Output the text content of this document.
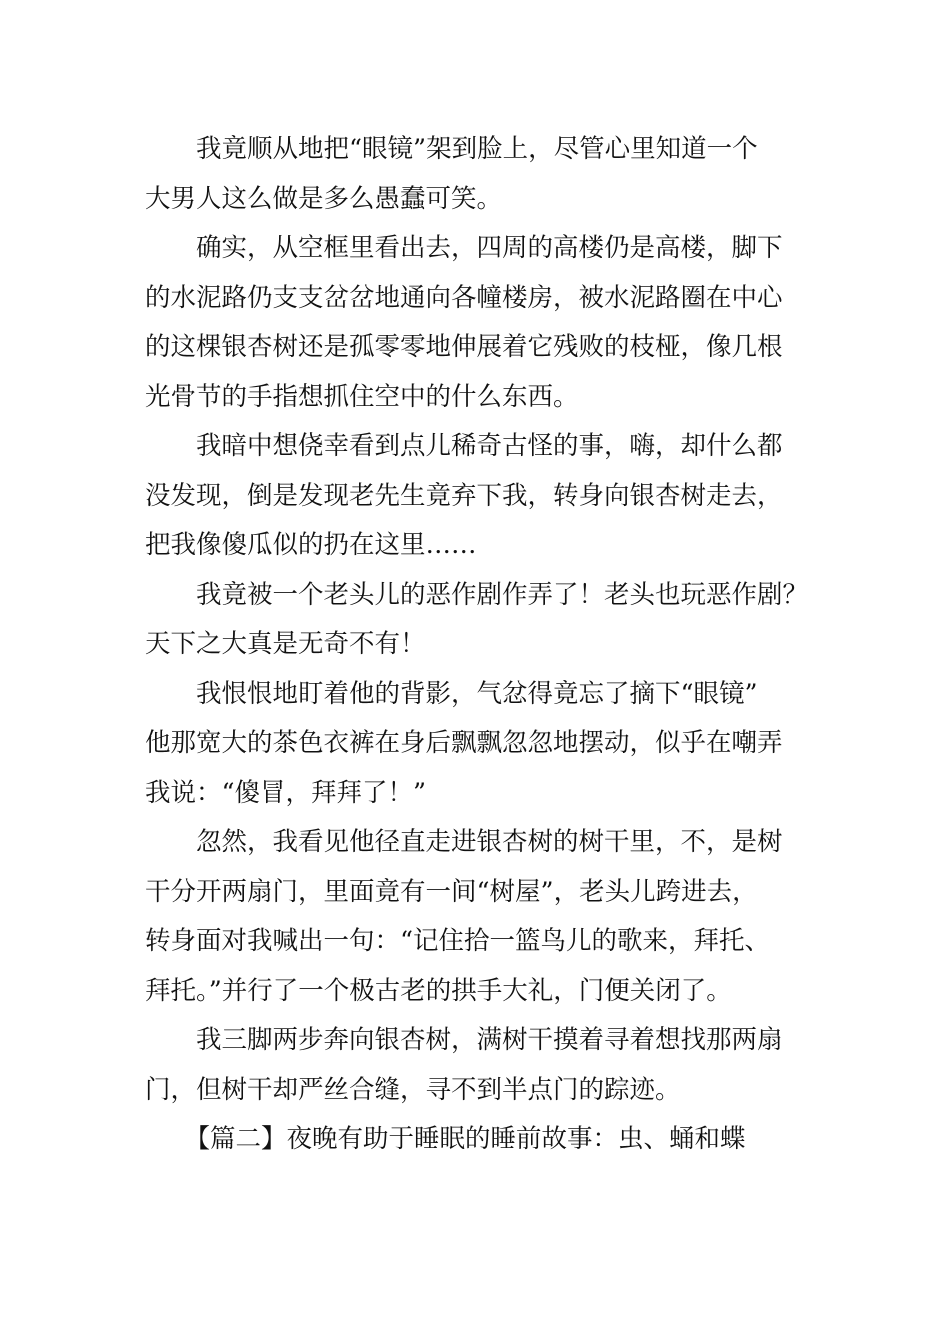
我竟顺从地把“眼镜”架到脸上，尽管心里知道一个
大男人这么做是多么愚蠢可笑。

确实，从空框里看出去，四周的高楼仍是高楼，脚下
的水泥路仍支支岔岔地通向各幢楼房，被水泥路圈在中心
的这棵银杏树还是孤零零地伸展着它残败的枝桠，像几根
光骨节的手指想抓住空中的什么东西。

我暗中想侥幸看到点儿稀奇古怪的事，嗨，却什么都
没发现，倒是发现老先生竟弃下我，转身向银杏树走去，
把我像傻瓜似的扔在这里……

我竟被一个老头儿的恶作剧作弄了！老头也玩恶作剧？
天下之大真是无奇不有！

我恨恨地盯着他的背影，气忿得竟忘了摘下“眼镜”
他那宽大的茶色衣裤在身后飘飘忽忽地摆动，似乎在嘲弄
我说：“傻冒，拜拜了！”

忽然，我看见他径直走进银杏树的树干里，不，是树
干分开两扇门，里面竟有一间“树屋”，老头儿跨进去，
转身面对我喊出一句：“记住拾一篮鸟儿的歌来，拜托、
拜托。”并行了一个极古老的拱手大礼，门便关闭了。

我三脚两步奔向银杏树，满树干摸着寻着想找那两扇
门，但树干却严丝合缝，寻不到半点门的踪迹。

【篇二】夜晚有助于睡眠的睡前故事：虫、蛹和蝶
